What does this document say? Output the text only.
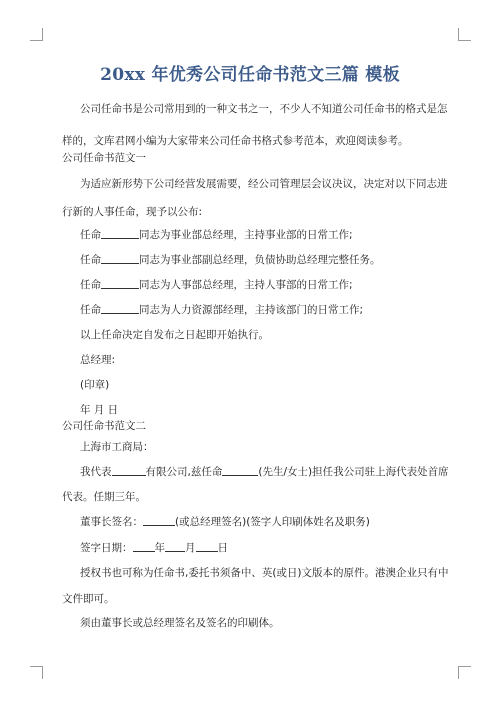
20xx 年优秀公司任命书范文三篇 模板
公司任命书是公司常用到的一种文书之一，不少人不知道公司任命书的格式是怎
样的，文库君网小编为大家带来公司任命书格式参考范本，欢迎阅读参考。
公司任命书范文一
为适应新形势下公司经营发展需要，经公司管理层会议决议，决定对以下同志进
行新的人事任命，现予以公布:
任命	同志为事业部总经理，主持事业部的日常工作;
任命	同志为事业部副总经理，负债协助总经理完整任务。
任命	同志为人事部总经理，主持人事部的日常工作;
任命	同志为人力资源部经理，主持该部门的日常工作;
以上任命决定自发布之日起即开始执行。
总经理:
(印章)
年 月 日
公司任命书范文二
上海市工商局：
我代表	有限公司,兹任命	(先生/女士)担任我公司驻上海代表处首席
代表。任期三年。
董事长签名：	(或总经理签名)(签字人印刷体姓名及职务)
签字日期： 年 月 日
授权书也可称为任命书,委托书须备中、英(或日)文版本的原件。港澳企业只有中
文件即可。
须由董事长或总经理签名及签名的印刷体。
